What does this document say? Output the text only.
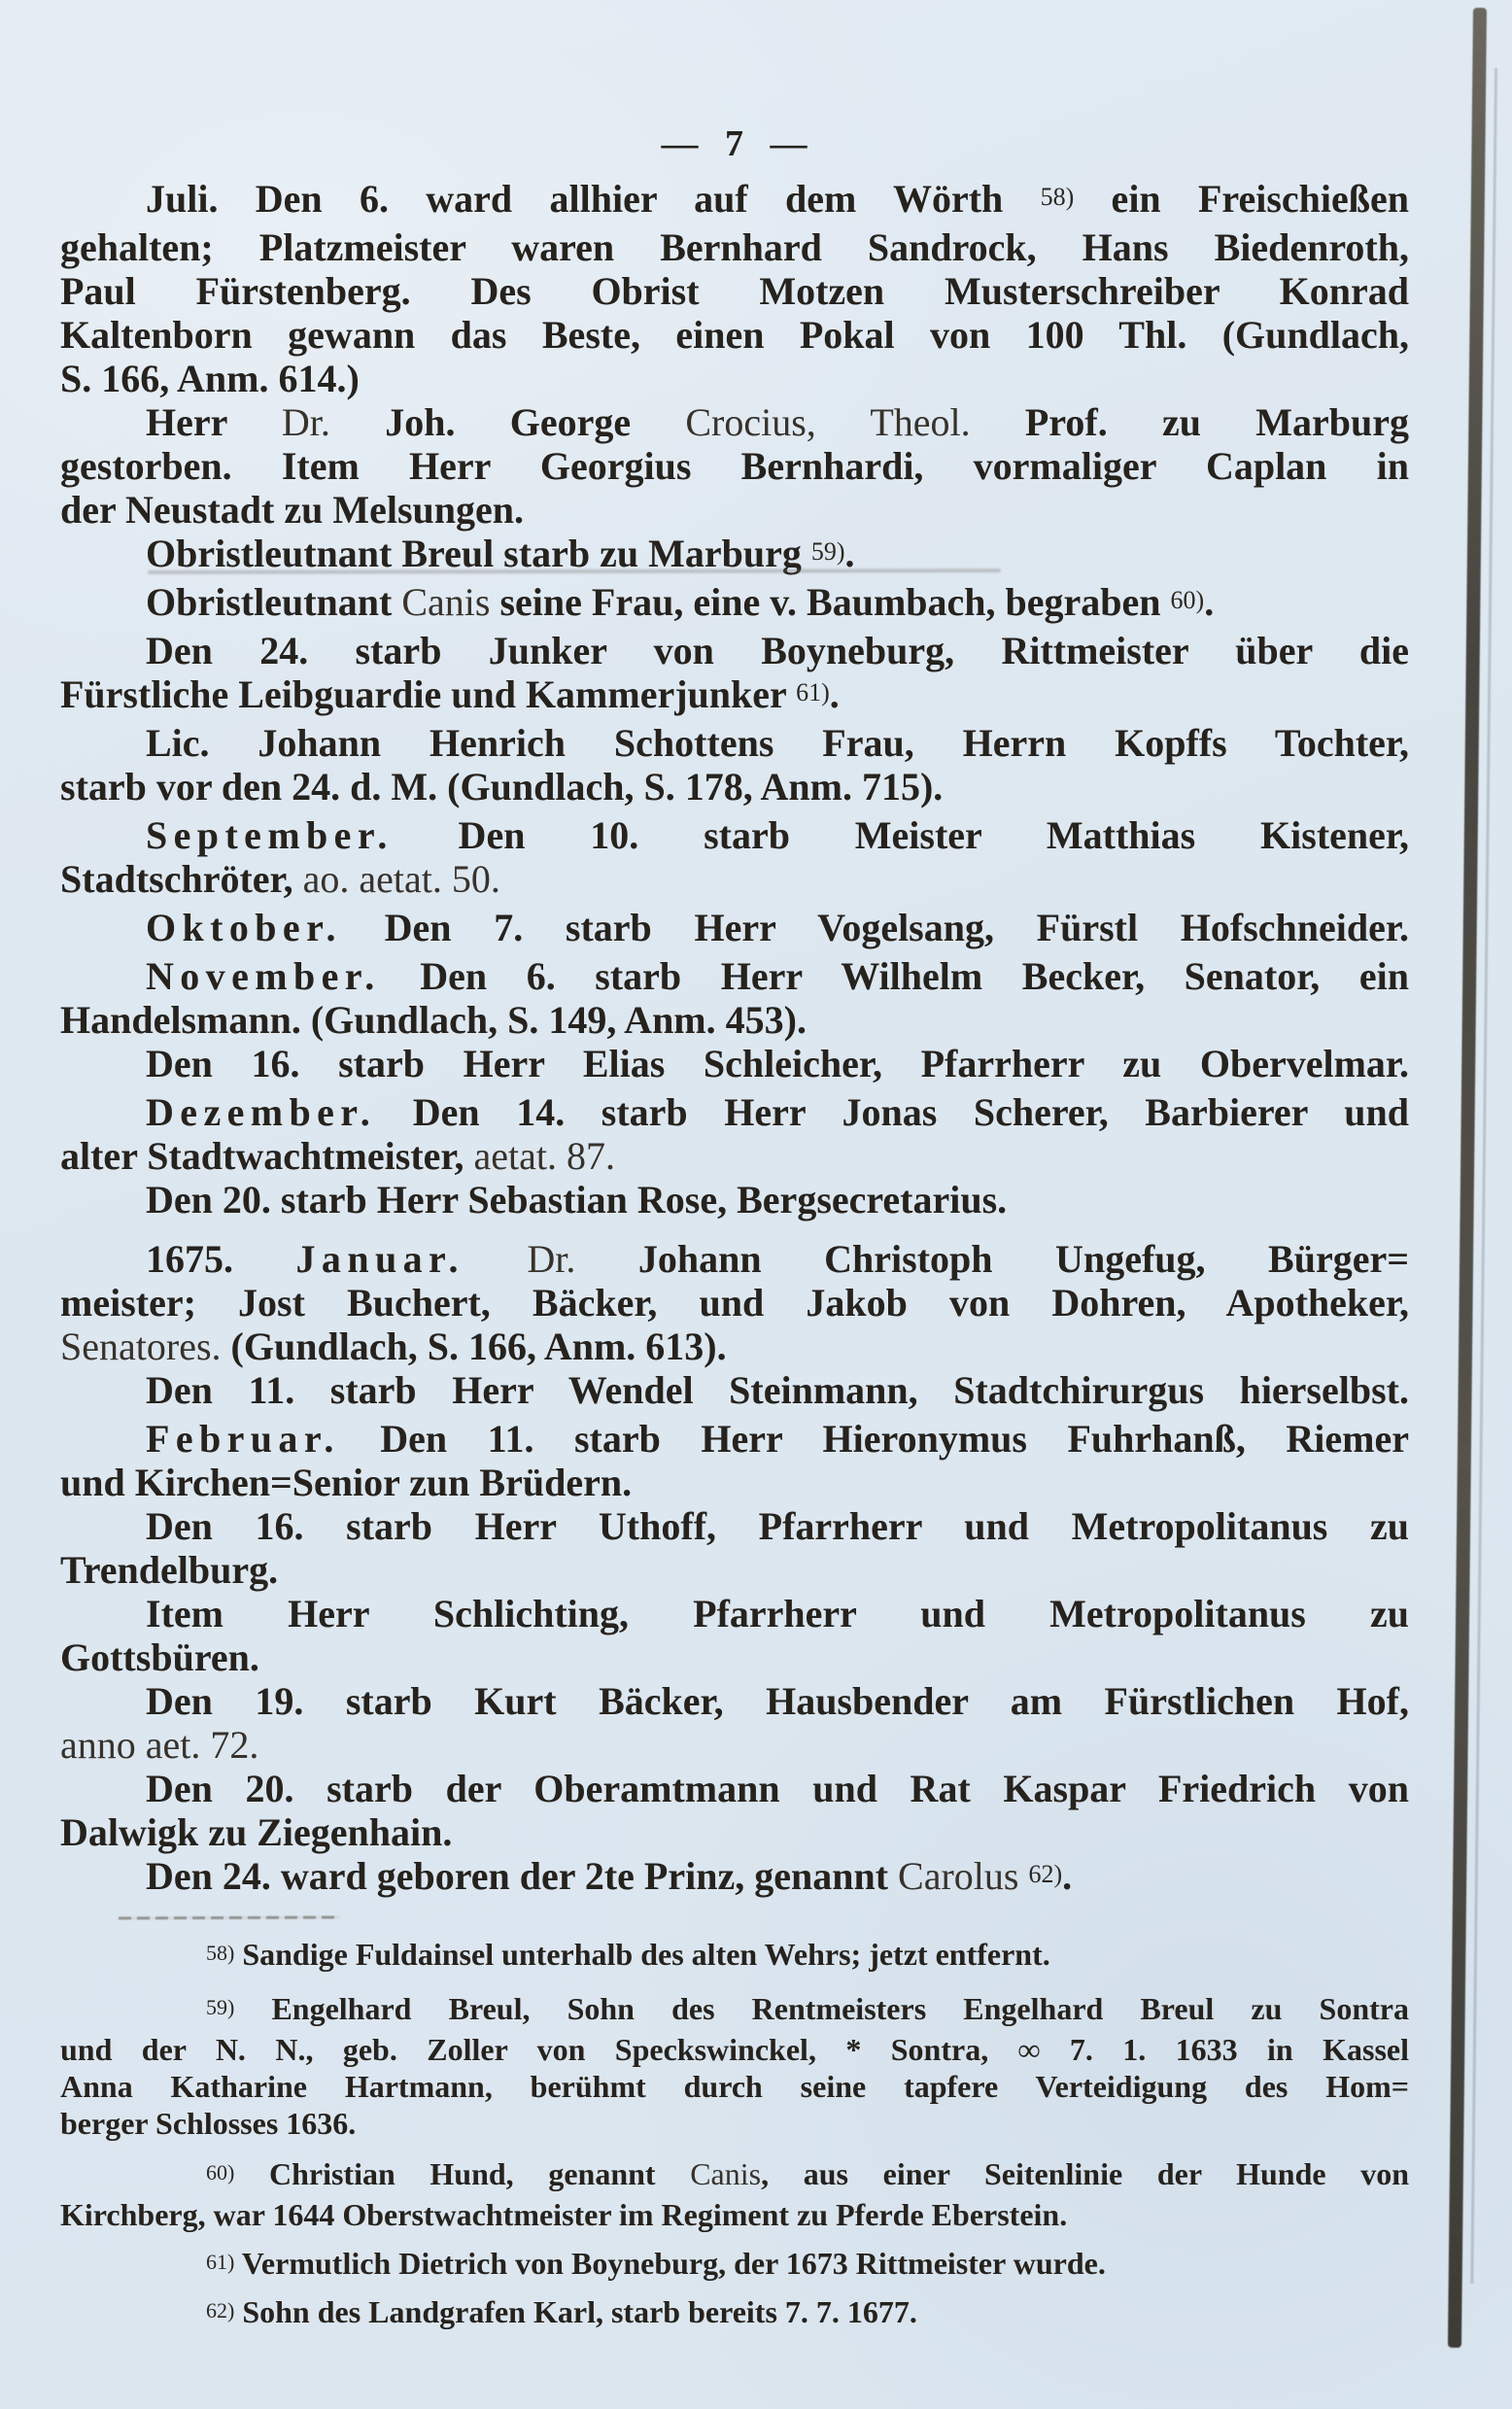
— 7 —
Juli. Den 6. ward allhier auf dem Wörth 58) ein Freischießen
gehalten; Platzmeister waren Bernhard Sandrock, Hans Biedenroth,
Paul Fürstenberg. Des Obrist Motzen Musterschreiber Konrad
Kaltenborn gewann das Beste, einen Pokal von 100 Thl. (Gundlach,
S. 166, Anm. 614.)
Herr Dr. Joh. George Crocius, Theol. Prof. zu Marburg
gestorben. Item Herr Georgius Bernhardi, vormaliger Caplan in
der Neustadt zu Melsungen.
Obristleutnant Breul starb zu Marburg 59).
Obristleutnant Canis seine Frau, eine v. Baumbach, begraben 60).
Den 24. starb Junker von Boyneburg, Rittmeister über die
Fürstliche Leibguardie und Kammerjunker 61).
Lic. Johann Henrich Schottens Frau, Herrn Kopffs Tochter,
starb vor den 24. d. M. (Gundlach, S. 178, Anm. 715).
September. Den 10. starb Meister Matthias Kistener,
Stadtschröter, ao. aetat. 50.
Oktober. Den 7. starb Herr Vogelsang, Fürstl Hofschneider.
November. Den 6. starb Herr Wilhelm Becker, Senator, ein
Handelsmann. (Gundlach, S. 149, Anm. 453).
Den 16. starb Herr Elias Schleicher, Pfarrherr zu Obervelmar.
Dezember. Den 14. starb Herr Jonas Scherer, Barbierer und
alter Stadtwachtmeister, aetat. 87.
Den 20. starb Herr Sebastian Rose, Bergsecretarius.
1675. Januar. Dr. Johann Christoph Ungefug, Bürger=
meister; Jost Buchert, Bäcker, und Jakob von Dohren, Apotheker,
Senatores. (Gundlach, S. 166, Anm. 613).
Den 11. starb Herr Wendel Steinmann, Stadtchirurgus hierselbst.
Februar. Den 11. starb Herr Hieronymus Fuhrhanß, Riemer
und Kirchen=Senior zun Brüdern.
Den 16. starb Herr Uthoff, Pfarrherr und Metropolitanus zu
Trendelburg.
Item Herr Schlichting, Pfarrherr und Metropolitanus zu
Gottsbüren.
Den 19. starb Kurt Bäcker, Hausbender am Fürstlichen Hof,
anno aet. 72.
Den 20. starb der Oberamtmann und Rat Kaspar Friedrich von
Dalwigk zu Ziegenhain.
Den 24. ward geboren der 2te Prinz, genannt Carolus 62).
58) Sandige Fuldainsel unterhalb des alten Wehrs; jetzt entfernt.
59) Engelhard Breul, Sohn des Rentmeisters Engelhard Breul zu Sontra
und der N. N., geb. Zoller von Speckswinckel, * Sontra, ∞ 7. 1. 1633 in Kassel
Anna Katharine Hartmann, berühmt durch seine tapfere Verteidigung des Hom=
berger Schlosses 1636.
60) Christian Hund, genannt Canis, aus einer Seitenlinie der Hunde von
Kirchberg, war 1644 Oberstwachtmeister im Regiment zu Pferde Eberstein.
61) Vermutlich Dietrich von Boyneburg, der 1673 Rittmeister wurde.
62) Sohn des Landgrafen Karl, starb bereits 7. 7. 1677.
